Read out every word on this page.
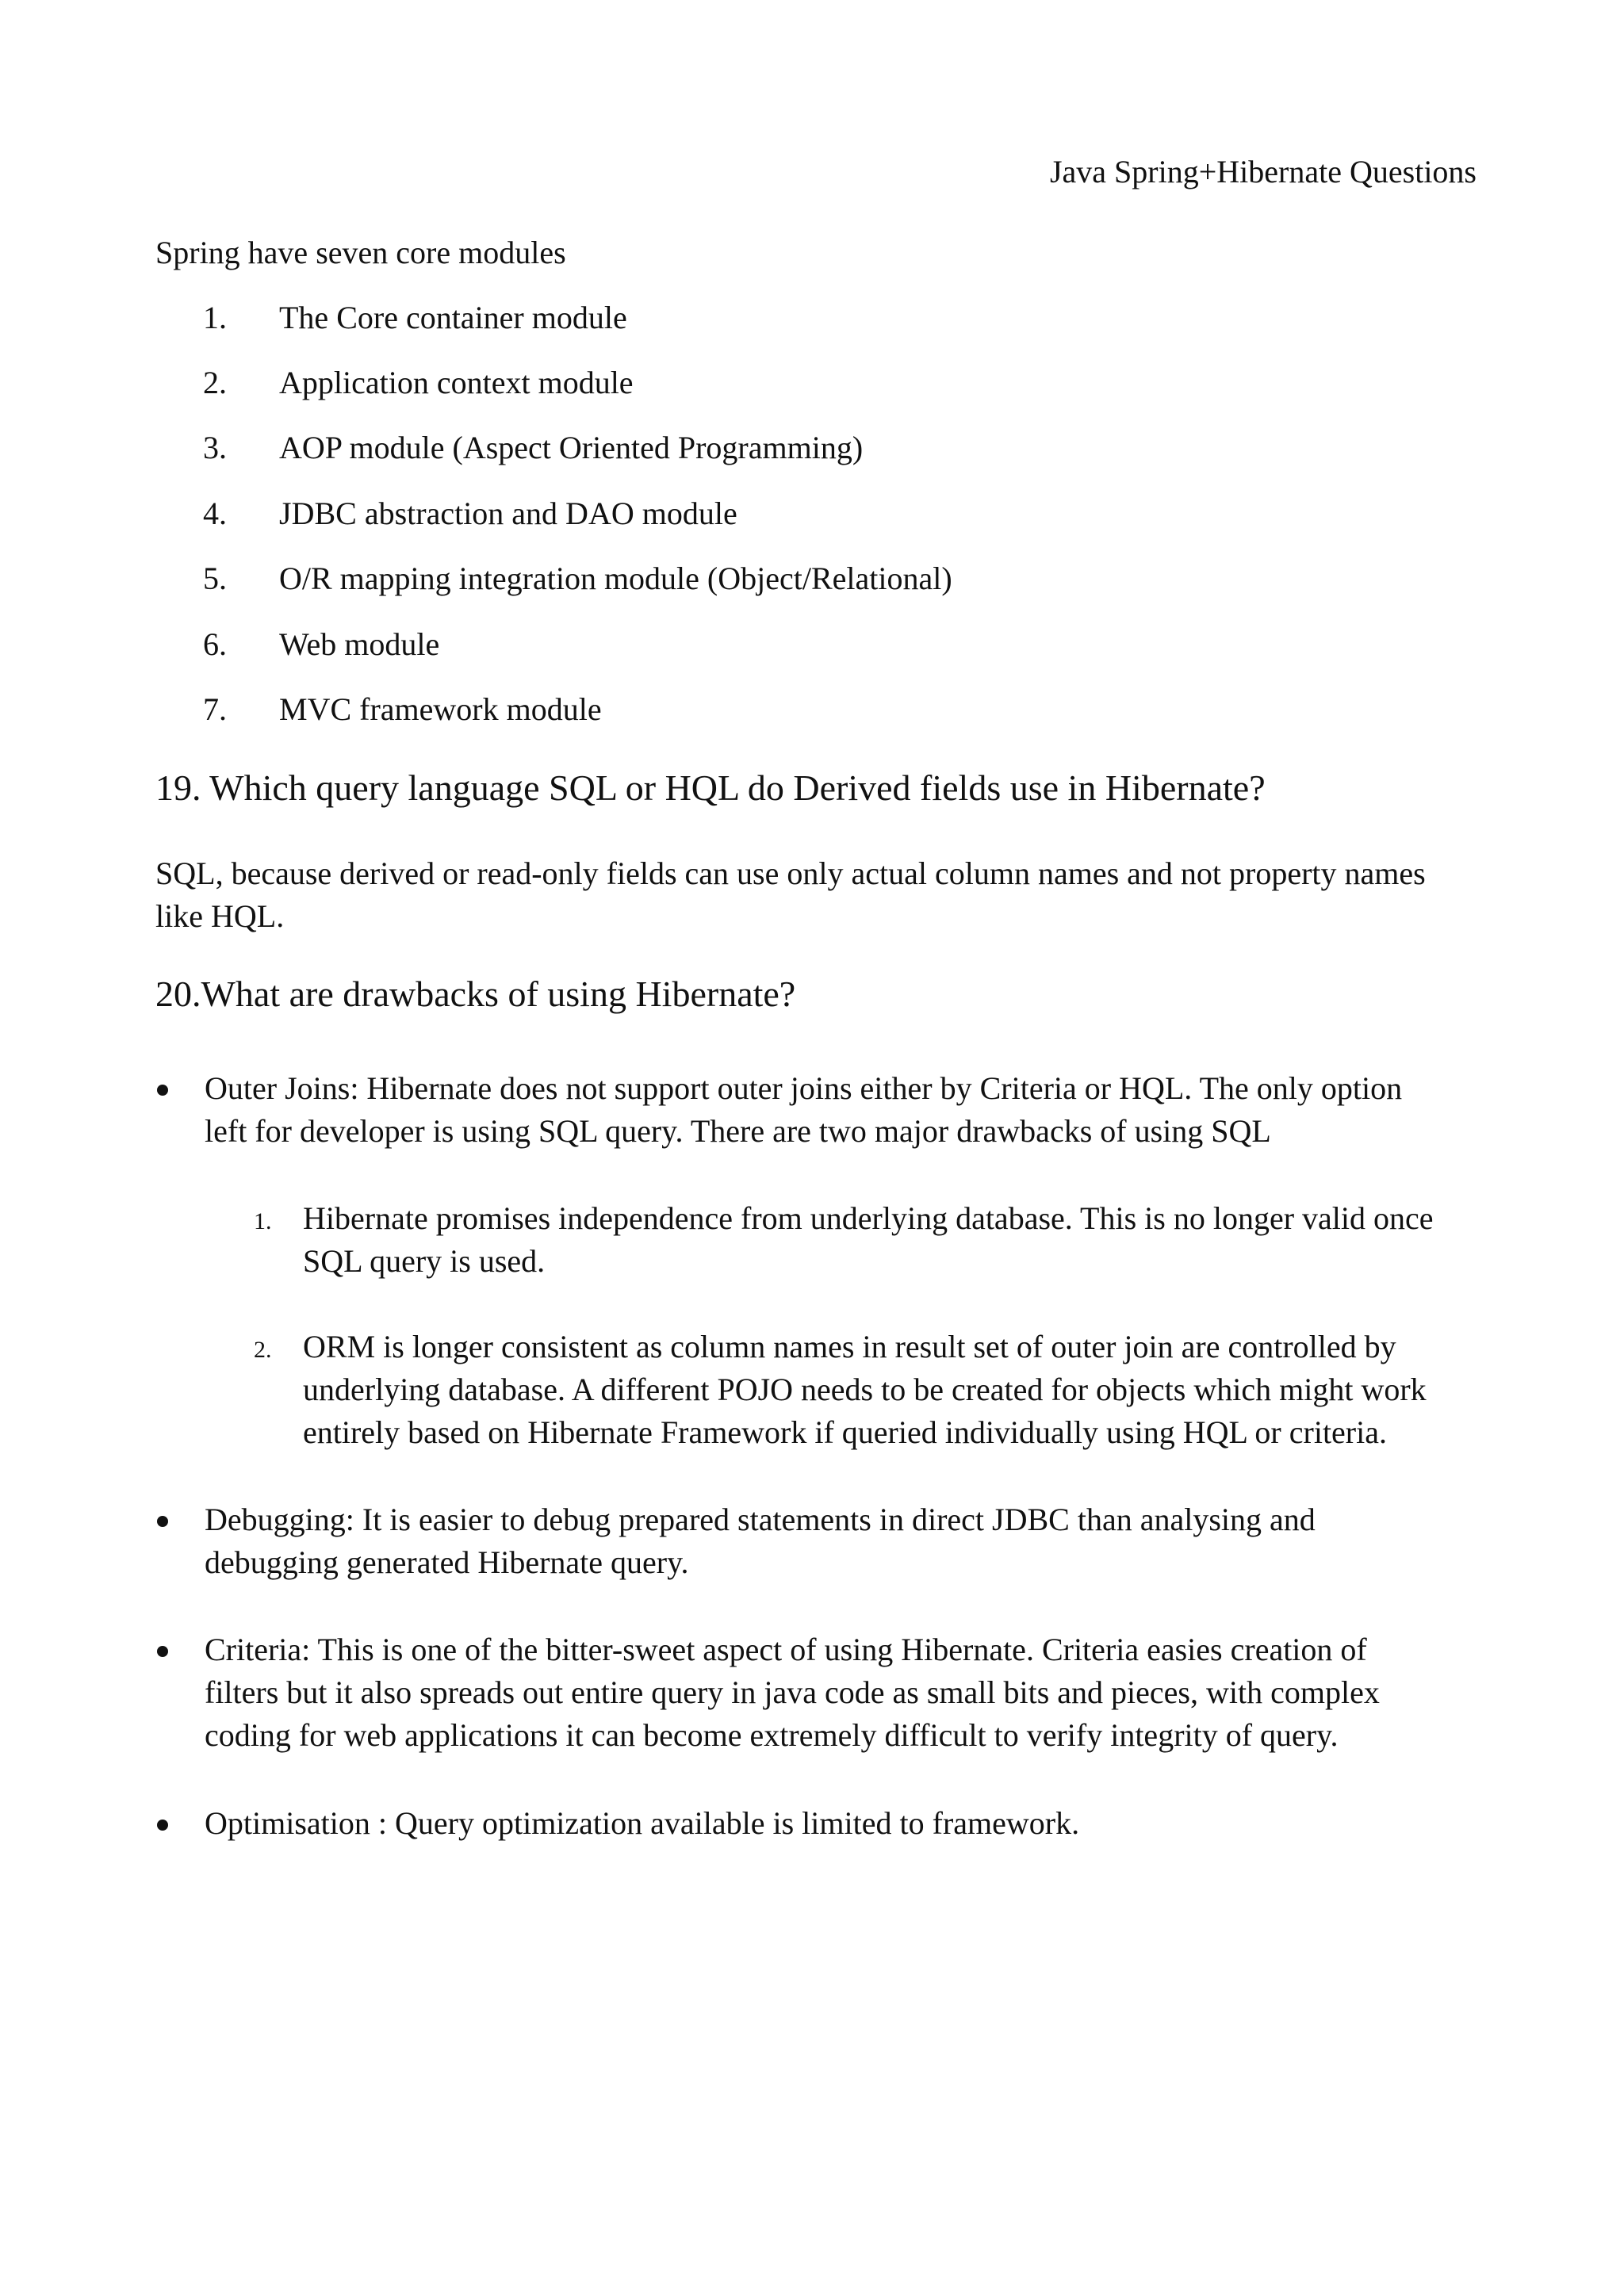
Java Spring+Hibernate Questions
Spring have seven core modules
1. The Core container module
2. Application context module
3. AOP module (Aspect Oriented Programming)
4. JDBC abstraction and DAO module
5. O/R mapping integration module (Object/Relational)
6. Web module
7. MVC framework module
19. Which query language SQL or HQL do Derived fields use in Hibernate?
SQL, because derived or read-only fields can use only actual column names and not property names
like HQL.
20.What are drawbacks of using Hibernate?
Outer Joins: Hibernate does not support outer joins either by Criteria or HQL. The only option
left for developer is using SQL query. There are two major drawbacks of using SQL
1. Hibernate promises independence from underlying database. This is no longer valid once
SQL query is used.
2. ORM is longer consistent as column names in result set of outer join are controlled by
underlying database. A different POJO needs to be created for objects which might work
entirely based on Hibernate Framework if queried individually using HQL or criteria.
Debugging: It is easier to debug prepared statements in direct JDBC than analysing and
debugging generated Hibernate query.
Criteria: This is one of the bitter-sweet aspect of using Hibernate. Criteria easies creation of
filters but it also spreads out entire query in java code as small bits and pieces, with complex
coding for web applications it can become extremely difficult to verify integrity of query.
Optimisation : Query optimization available is limited to framework.
